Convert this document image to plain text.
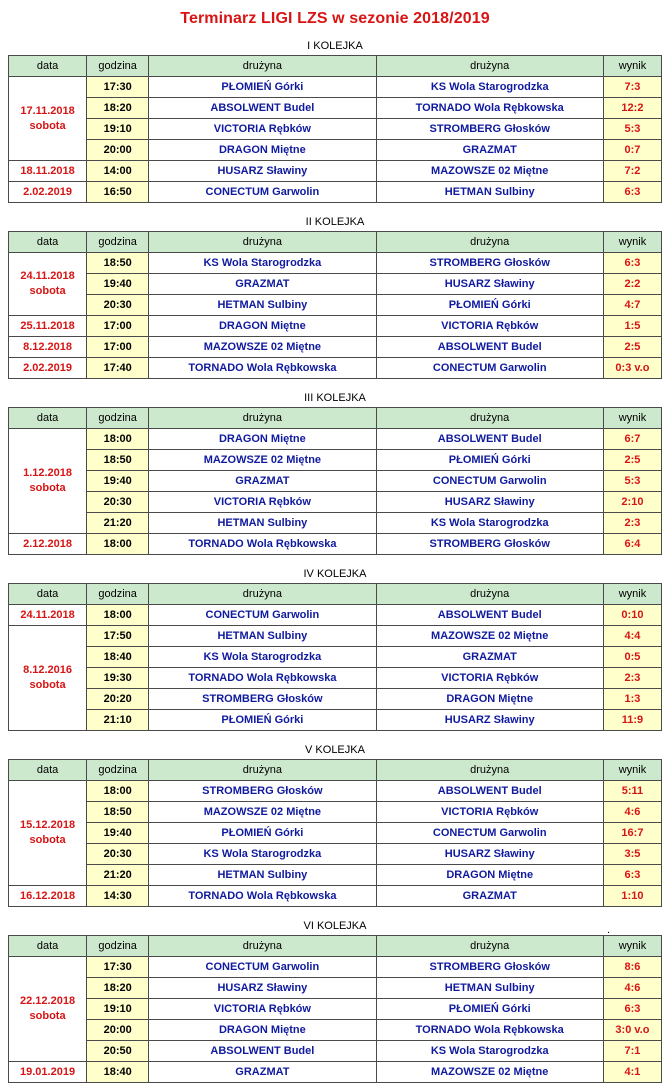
Terminarz LIGI LZS w sezonie 2018/2019
I KOLEJKA
data	godzina	drużyna	drużyna	wynik
17.11.2018
sobota	17:30	PŁOMIEŃ Górki	KS Wola Starogrodzka	7:3
	18:20	ABSOLWENT Budel	TORNADO Wola Rębkowska	12:2
	19:10	VICTORIA Rębków	STROMBERG Głosków	5:3
	20:00	DRAGON Miętne	GRAZMAT	0:7
18.11.2018	14:00	HUSARZ Sławiny	MAZOWSZE 02 Miętne	7:2
2.02.2019	16:50	CONECTUM Garwolin	HETMAN Sulbiny	6:3
II KOLEJKA
data	godzina	drużyna	drużyna	wynik
24.11.2018
sobota	18:50	KS Wola Starogrodzka	STROMBERG Głosków	6:3
	19:40	GRAZMAT	HUSARZ Sławiny	2:2
	20:30	HETMAN Sulbiny	PŁOMIEŃ Górki	4:7
25.11.2018	17:00	DRAGON Miętne	VICTORIA Rębków	1:5
8.12.2018	17:00	MAZOWSZE 02 Miętne	ABSOLWENT Budel	2:5
2.02.2019	17:40	TORNADO Wola Rębkowska	CONECTUM Garwolin	0:3 v.o
III KOLEJKA
data	godzina	drużyna	drużyna	wynik
1.12.2018
sobota	18:00	DRAGON Miętne	ABSOLWENT Budel	6:7
	18:50	MAZOWSZE 02 Miętne	PŁOMIEŃ Górki	2:5
	19:40	GRAZMAT	CONECTUM Garwolin	5:3
	20:30	VICTORIA Rębków	HUSARZ Sławiny	2:10
	21:20	HETMAN Sulbiny	KS Wola Starogrodzka	2:3
2.12.2018	18:00	TORNADO Wola Rębkowska	STROMBERG Głosków	6:4
IV KOLEJKA
data	godzina	drużyna	drużyna	wynik
24.11.2018	18:00	CONECTUM Garwolin	ABSOLWENT Budel	0:10
8.12.2016
sobota	17:50	HETMAN Sulbiny	MAZOWSZE 02 Miętne	4:4
	18:40	KS Wola Starogrodzka	GRAZMAT	0:5
	19:30	TORNADO Wola Rębkowska	VICTORIA Rębków	2:3
	20:20	STROMBERG Głosków	DRAGON Miętne	1:3
	21:10	PŁOMIEŃ Górki	HUSARZ Sławiny	11:9
V KOLEJKA
data	godzina	drużyna	drużyna	wynik
15.12.2018
sobota	18:00	STROMBERG Głosków	ABSOLWENT Budel	5:11
	18:50	MAZOWSZE 02 Miętne	VICTORIA Rębków	4:6
	19:40	PŁOMIEŃ Górki	CONECTUM Garwolin	16:7
	20:30	KS Wola Starogrodzka	HUSARZ Sławiny	3:5
	21:20	HETMAN Sulbiny	DRAGON Miętne	6:3
16.12.2018	14:30	TORNADO Wola Rębkowska	GRAZMAT	1:10
VI KOLEJKA	.
data	godzina	drużyna	drużyna	wynik
22.12.2018
sobota	17:30	CONECTUM Garwolin	STROMBERG Głosków	8:6
	18:20	HUSARZ Sławiny	HETMAN Sulbiny	4:6
	19:10	VICTORIA Rębków	PŁOMIEŃ Górki	6:3
	20:00	DRAGON Miętne	TORNADO Wola Rębkowska	3:0 v.o
	20:50	ABSOLWENT Budel	KS Wola Starogrodzka	7:1
19.01.2019	18:40	GRAZMAT	MAZOWSZE 02 Miętne	4:1
